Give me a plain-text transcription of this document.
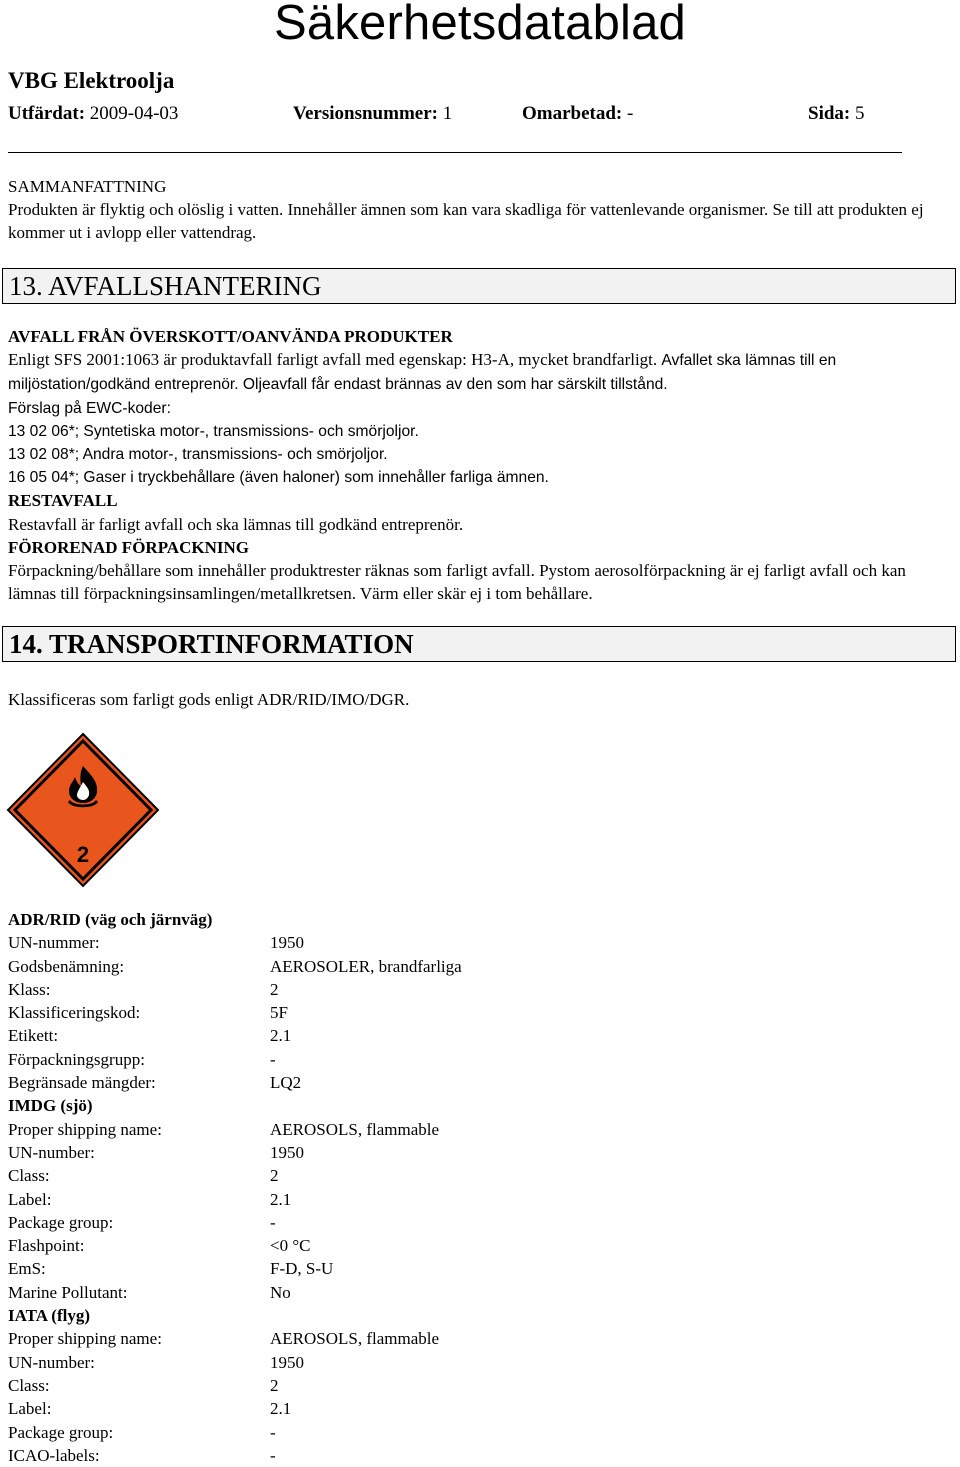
Säkerhetsdatablad
VBG Elektroolja
Utfärdat: 2009-04-03	Versionsnummer: 1	Omarbetad: -	Sida: 5

SAMMANFATTNING

Produkten är flyktig och olöslig i vatten. Innehåller ämnen som kan vara skadliga för vattenlevande organismer. Se till att produkten ej kommer ut i avlopp eller vattendrag.

13. AVFALLSHANTERING

AVFALL FRÅN ÖVERSKOTT/OANVÄNDA PRODUKTER

Enligt SFS 2001:1063 är produktavfall farligt avfall med egenskap: H3-A, mycket brandfarligt. Avfallet ska lämnas till en miljöstation/godkänd entreprenör. Oljeavfall får endast brännas av den som har särskilt tillstånd.

Förslag på EWC-koder:

13 02 06*; Syntetiska motor-, transmissions- och smörjoljor.

13 02 08*; Andra motor-, transmissions- och smörjoljor.

16 05 04*; Gaser i tryckbehållare (även haloner) som innehåller farliga ämnen.

RESTAVFALL

Restavfall är farligt avfall och ska lämnas till godkänd entreprenör.

FÖRORENAD FÖRPACKNING

Förpackning/behållare som innehåller produktrester räknas som farligt avfall. Pystom aerosolförpackning är ej farligt avfall och kan lämnas till förpackningsinsamlingen/metallkretsen. Värm eller skär ej i tom behållare.

14. TRANSPORTINFORMATION
Klassificeras som farligt gods enligt ADR/RID/IMO/DGR.
2
ADR/RID (väg och järnväg)
UN-nummer:	1950
Godsbenämning:	AEROSOLER, brandfarliga
Klass:	2
Klassificeringskod:	5F
Etikett:	2.1
Förpackningsgrupp:	-
Begränsade mängder:	LQ2
IMDG (sjö)
Proper shipping name:	AEROSOLS, flammable
UN-number:	1950
Class:	2
Label:	2.1
Package group:	-
Flashpoint:	<0 °C
EmS:	F-D, S-U
Marine Pollutant:	No
IATA (flyg)
Proper shipping name:	AEROSOLS, flammable
UN-number:	1950
Class:	2
Label:	2.1
Package group:	-
ICAO-labels:	-
